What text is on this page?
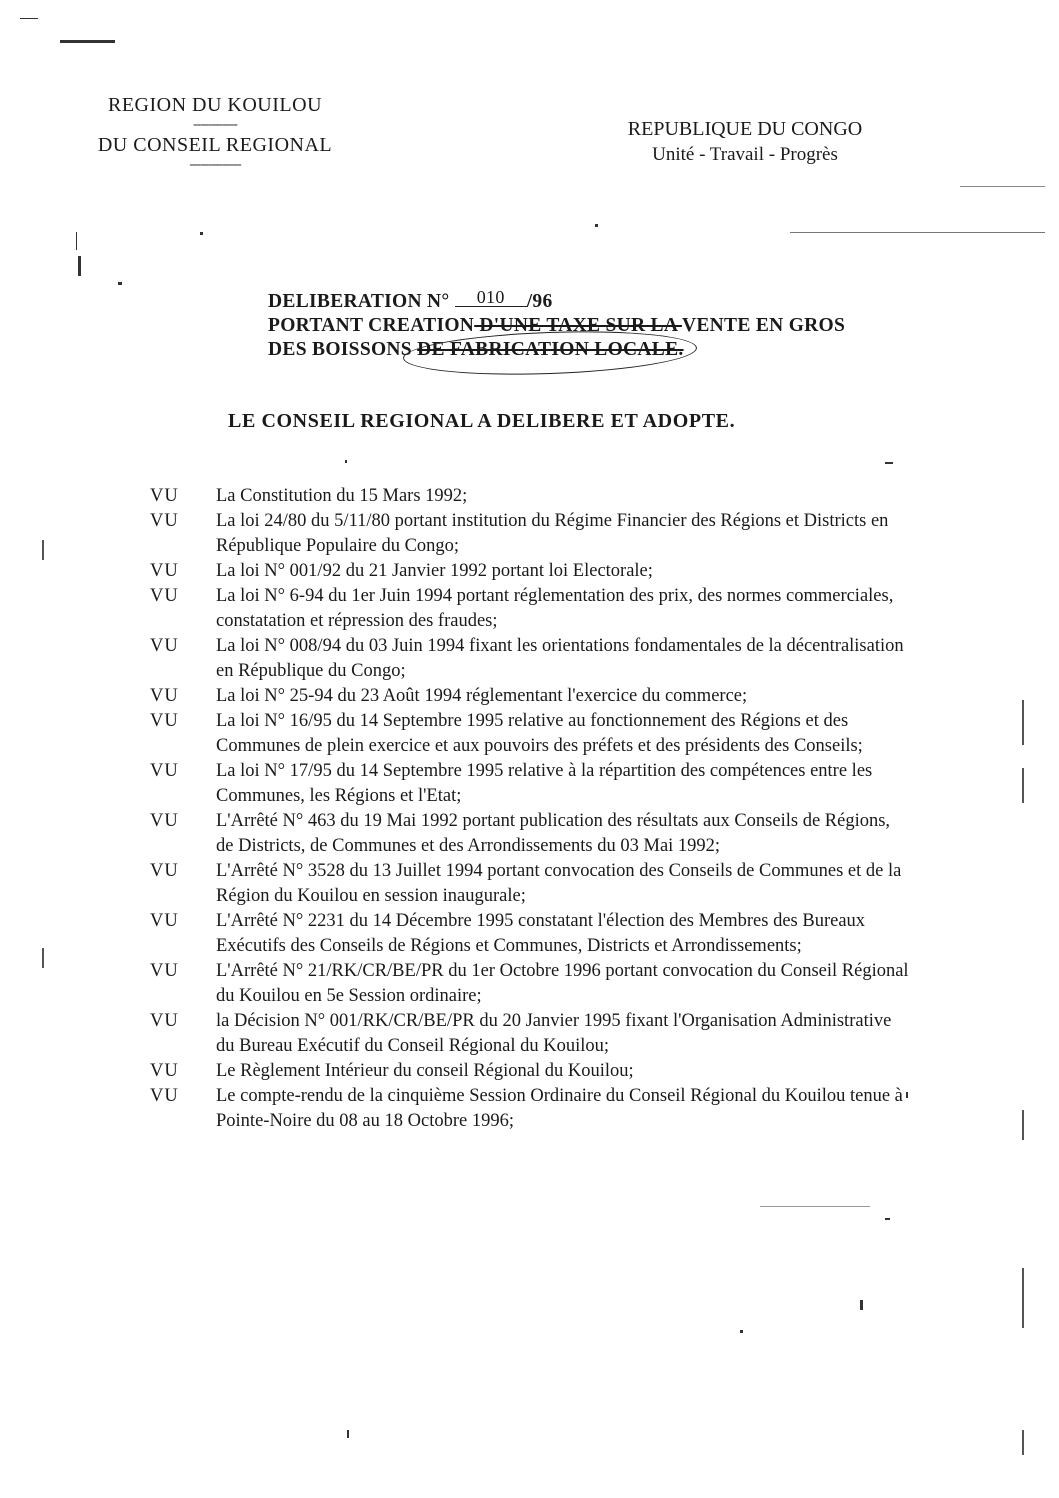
REGION DU KOUILOU
------------
DU CONSEIL REGIONAL
--------------
REPUBLIQUE DU CONGO
Unité - Travail - Progrès
DELIBERATION N° 010 /96
PORTANT CREATION D'UNE TAXE SUR LA VENTE EN GROS
DES BOISSONS DE FABRICATION LOCALE.
LE CONSEIL REGIONAL A DELIBERE ET ADOPTE.
VU	La Constitution du 15 Mars 1992;
VU	La loi 24/80 du 5/11/80 portant institution du Régime Financier des Régions et Districts en République Populaire du Congo;
VU	La loi N° 001/92 du 21 Janvier 1992 portant loi Electorale;
VU	La loi N° 6-94 du 1er Juin 1994 portant réglementation des prix, des normes commerciales, constatation et répression des fraudes;
VU	La loi N° 008/94 du 03 Juin 1994 fixant les orientations fondamentales de la décentralisation en République du Congo;
VU	La loi N° 25-94 du 23 Août 1994 réglementant l'exercice du commerce;
VU	La loi N° 16/95 du 14 Septembre 1995 relative au fonctionnement des Régions et des Communes de plein exercice et aux pouvoirs des préfets et des présidents des Conseils;
VU	La loi N° 17/95 du 14 Septembre 1995 relative à la répartition des compétences entre les Communes, les Régions et l'Etat;
VU	L'Arrêté N° 463 du 19 Mai 1992 portant publication des résultats aux Conseils de Régions, de Districts, de Communes et des Arrondissements du 03 Mai 1992;
VU	L'Arrêté N° 3528 du 13 Juillet 1994 portant convocation des Conseils de Communes et de la Région du Kouilou en session inaugurale;
VU	L'Arrêté N° 2231 du 14 Décembre 1995 constatant l'élection des Membres des Bureaux Exécutifs des Conseils de Régions et Communes, Districts et Arrondissements;
VU	L'Arrêté N° 21/RK/CR/BE/PR du 1er Octobre 1996 portant convocation du Conseil Régional du Kouilou en 5e Session ordinaire;
VU	la Décision N° 001/RK/CR/BE/PR du 20 Janvier 1995 fixant l'Organisation Administrative du Bureau Exécutif du Conseil Régional du Kouilou;
VU	Le Règlement Intérieur du conseil Régional du Kouilou;
VU	Le compte-rendu de la cinquième Session Ordinaire du Conseil Régional du Kouilou tenue à Pointe-Noire du 08 au 18 Octobre 1996;
